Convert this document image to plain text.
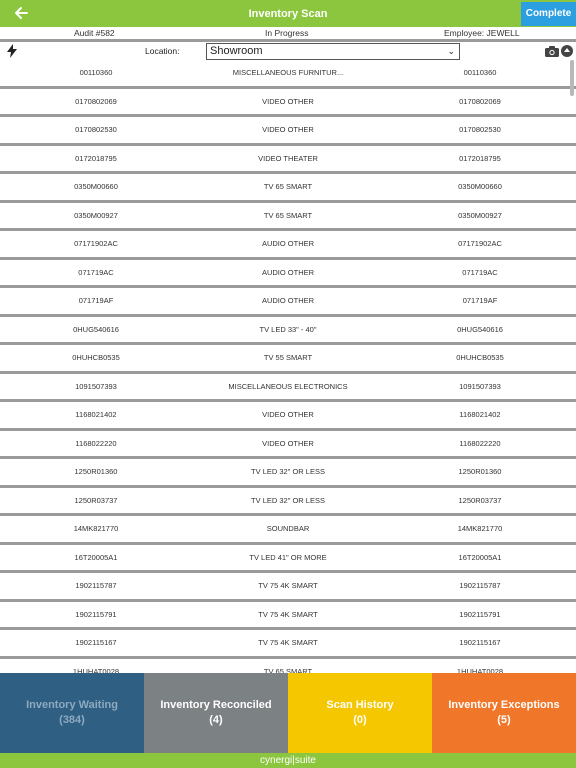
Inventory Scan	Complete
Audit #582	In Progress	Employee: JEWELL
Location:	Showroom	⌄
00110360	MISCELLANEOUS FURNITUR...	00110360
0170802069	VIDEO OTHER	0170802069
0170802530	VIDEO OTHER	0170802530
0172018795	VIDEO THEATER	0172018795
0350M00660	TV 65 SMART	0350M00660
0350M00927	TV 65 SMART	0350M00927
07171902AC	AUDIO OTHER	07171902AC
071719AC	AUDIO OTHER	071719AC
071719AF	AUDIO OTHER	071719AF
0HUG540616	TV LED 33" - 40"	0HUG540616
0HUHCB0535	TV 55 SMART	0HUHCB0535
1091507393	MISCELLANEOUS ELECTRONICS	1091507393
1168021402	VIDEO OTHER	1168021402
1168022220	VIDEO OTHER	1168022220
1250R01360	TV LED 32" OR LESS	1250R01360
1250R03737	TV LED 32" OR LESS	1250R03737
14MK821770	SOUNDBAR	14MK821770
16T20005A1	TV LED 41" OR MORE	16T20005A1
1902115787	TV 75 4K SMART	1902115787
1902115791	TV 75 4K SMART	1902115791
1902115167	TV 75 4K SMART	1902115167
1HUHAT0028	TV 65 SMART	1HUHAT0028
Inventory Waiting
(384)
Inventory Reconciled
(4)
Scan History
(0)
Inventory Exceptions
(5)
cynergi|suite
